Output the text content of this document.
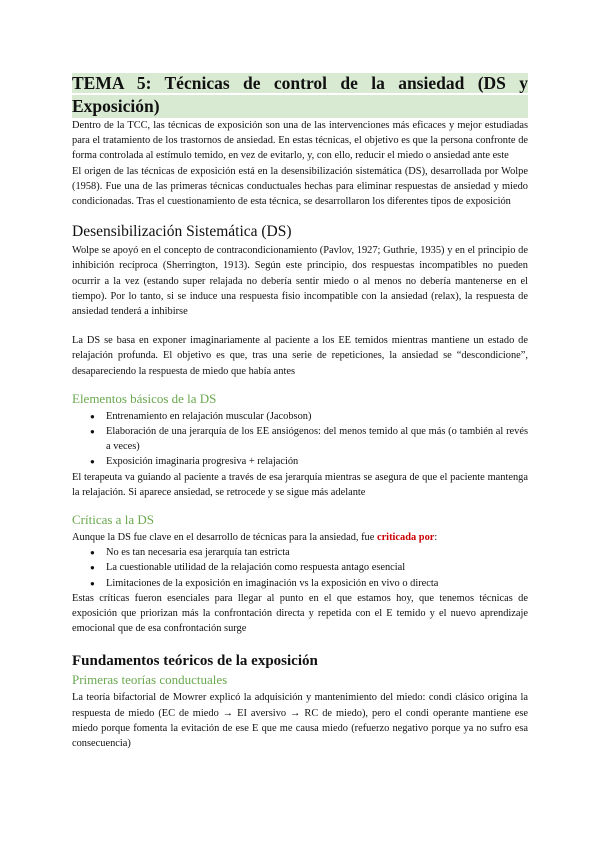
TEMA 5: Técnicas de control de la ansiedad (DS y
Exposición)

Dentro de la TCC, las técnicas de exposición son una de las intervenciones más eficaces y mejor estudiadas para el tratamiento de los trastornos de ansiedad. En estas técnicas, el objetivo es que la persona confronte de forma controlada al estímulo temido, en vez de evitarlo, y, con ello, reducir el miedo o ansiedad ante este

El origen de las técnicas de exposición está en la desensibilización sistemática (DS), desarrollada por Wolpe (1958). Fue una de las primeras técnicas conductuales hechas para eliminar respuestas de ansiedad y miedo condicionadas. Tras el cuestionamiento de esta técnica, se desarrollaron los diferentes tipos de exposición

Desensibilización Sistemática (DS)

Wolpe se apoyó en el concepto de contracondicionamiento (Pavlov, 1927; Guthrie, 1935) y en el principio de inhibición recíproca (Sherrington, 1913). Según este principio, dos respuestas incompatibles no pueden ocurrir a la vez (estando super relajada no debería sentir miedo o al menos no debería mantenerse en el tiempo). Por lo tanto, si se induce una respuesta fisio incompatible con la ansiedad (relax), la respuesta de ansiedad tenderá a inhibirse

La DS se basa en exponer imaginariamente al paciente a los EE temidos mientras mantiene un estado de relajación profunda. El objetivo es que, tras una serie de repeticiones, la ansiedad se “descondicione”, desapareciendo la respuesta de miedo que había antes

Elementos básicos de la DS
● Entrenamiento en relajación muscular (Jacobson)
● Elaboración de una jerarquía de los EE ansiógenos: del menos temido al que más (o también al revés a veces)
● Exposición imaginaria progresiva + relajación

El terapeuta va guiando al paciente a través de esa jerarquía mientras se asegura de que el paciente mantenga la relajación. Si aparece ansiedad, se retrocede y se sigue más adelante

Críticas a la DS

Aunque la DS fue clave en el desarrollo de técnicas para la ansiedad, fue criticada por:

● No es tan necesaria esa jerarquía tan estricta
● La cuestionable utilidad de la relajación como respuesta antago esencial
● Limitaciones de la exposición en imaginación vs la exposición en vivo o directa

Estas críticas fueron esenciales para llegar al punto en el que estamos hoy, que tenemos técnicas de exposición que priorizan más la confrontación directa y repetida con el E temido y el nuevo aprendizaje emocional que de esa confrontación surge

Fundamentos teóricos de la exposición
Primeras teorías conductuales

La teoría bifactorial de Mowrer explicó la adquisición y mantenimiento del miedo: condi clásico origina la respuesta de miedo (EC de miedo → EI aversivo → RC de miedo), pero el condi operante mantiene ese miedo porque fomenta la evitación de ese E que me causa miedo (refuerzo negativo porque ya no sufro esa consecuencia)
